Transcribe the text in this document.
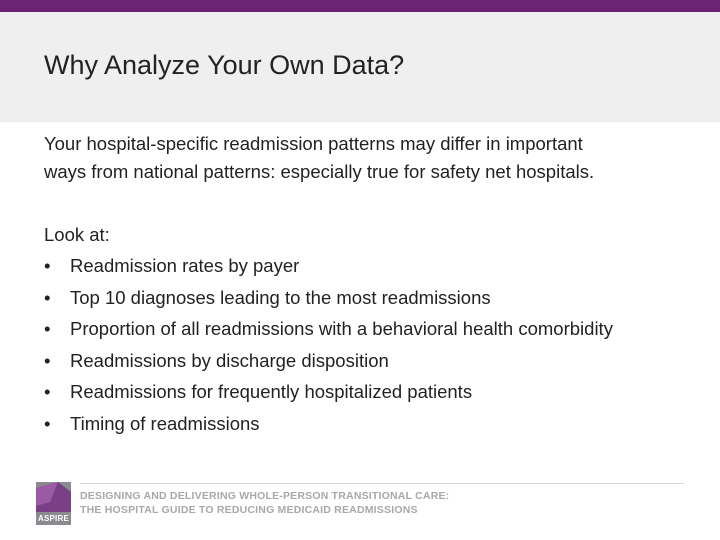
Why Analyze Your Own Data?
Your hospital-specific readmission patterns may differ in important
ways from national patterns: especially true for safety net hospitals.
Look at:
•	Readmission rates by payer
•	Top 10 diagnoses leading to the most readmissions
•	Proportion of all readmissions with a behavioral health comorbidity
•	Readmissions by discharge disposition
•	Readmissions for frequently hospitalized patients
•	Timing of readmissions
ASPIRE
DESIGNING AND DELIVERING WHOLE-PERSON TRANSITIONAL CARE:
THE HOSPITAL GUIDE TO REDUCING MEDICAID READMISSIONS
